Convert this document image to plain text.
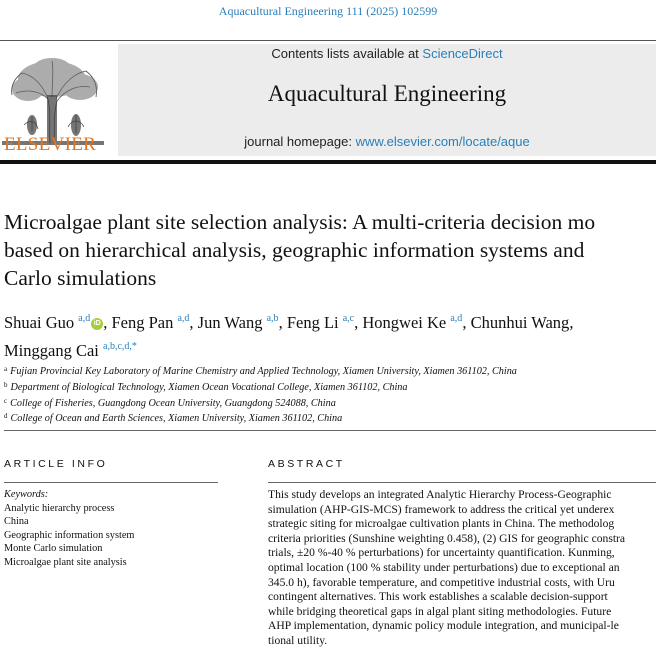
Aquacultural Engineering 111 (2025) 102599
ELSEVIER
Contents lists available at ScienceDirect
Aquacultural Engineering
journal homepage: www.elsevier.com/locate/aque
Microalgae plant site selection analysis: A multi-criteria decision mo
based on hierarchical analysis, geographic information systems and
Carlo simulations
Shuai Guo $^{a,d}$ iD , Feng Pan $^{a,d}$, Jun Wang $^{a,b}$, Feng Li $^{a,c}$, Hongwei Ke $^{a,d}$, Chunhui Wang,
Minggang Cai $^{a,b,c,d,*}$
$^a$ Fujian Provincial Key Laboratory of Marine Chemistry and Applied Technology, Xiamen University, Xiamen 361102, China
$^b$ Department of Biological Technology, Xiamen Ocean Vocational College, Xiamen 361102, China
$^c$ College of Fisheries, Guangdong Ocean University, Guangdong 524088, China
$^d$ College of Ocean and Earth Sciences, Xiamen University, Xiamen 361102, China
ARTICLE INFO	ABSTRACT
Keywords:
Analytic hierarchy process
China
Geographic information system
Monte Carlo simulation
Microalgae plant site analysis
This study develops an integrated Analytic Hierarchy Process-Geographic
simulation (AHP-GIS-MCS) framework to address the critical yet underex
strategic siting for microalgae cultivation plants in China. The methodolog
criteria priorities (Sunshine weighting 0.458), (2) GIS for geographic constra
trials, ±20 %-40 % perturbations) for uncertainty quantification. Kunming,
optimal location (100 % stability under perturbations) due to exceptional an
345.0 h), favorable temperature, and competitive industrial costs, with Uru
contingent alternatives. This work establishes a scalable decision-support
while bridging theoretical gaps in algal plant siting methodologies. Future
AHP implementation, dynamic policy module integration, and municipal-le
tional utility.
